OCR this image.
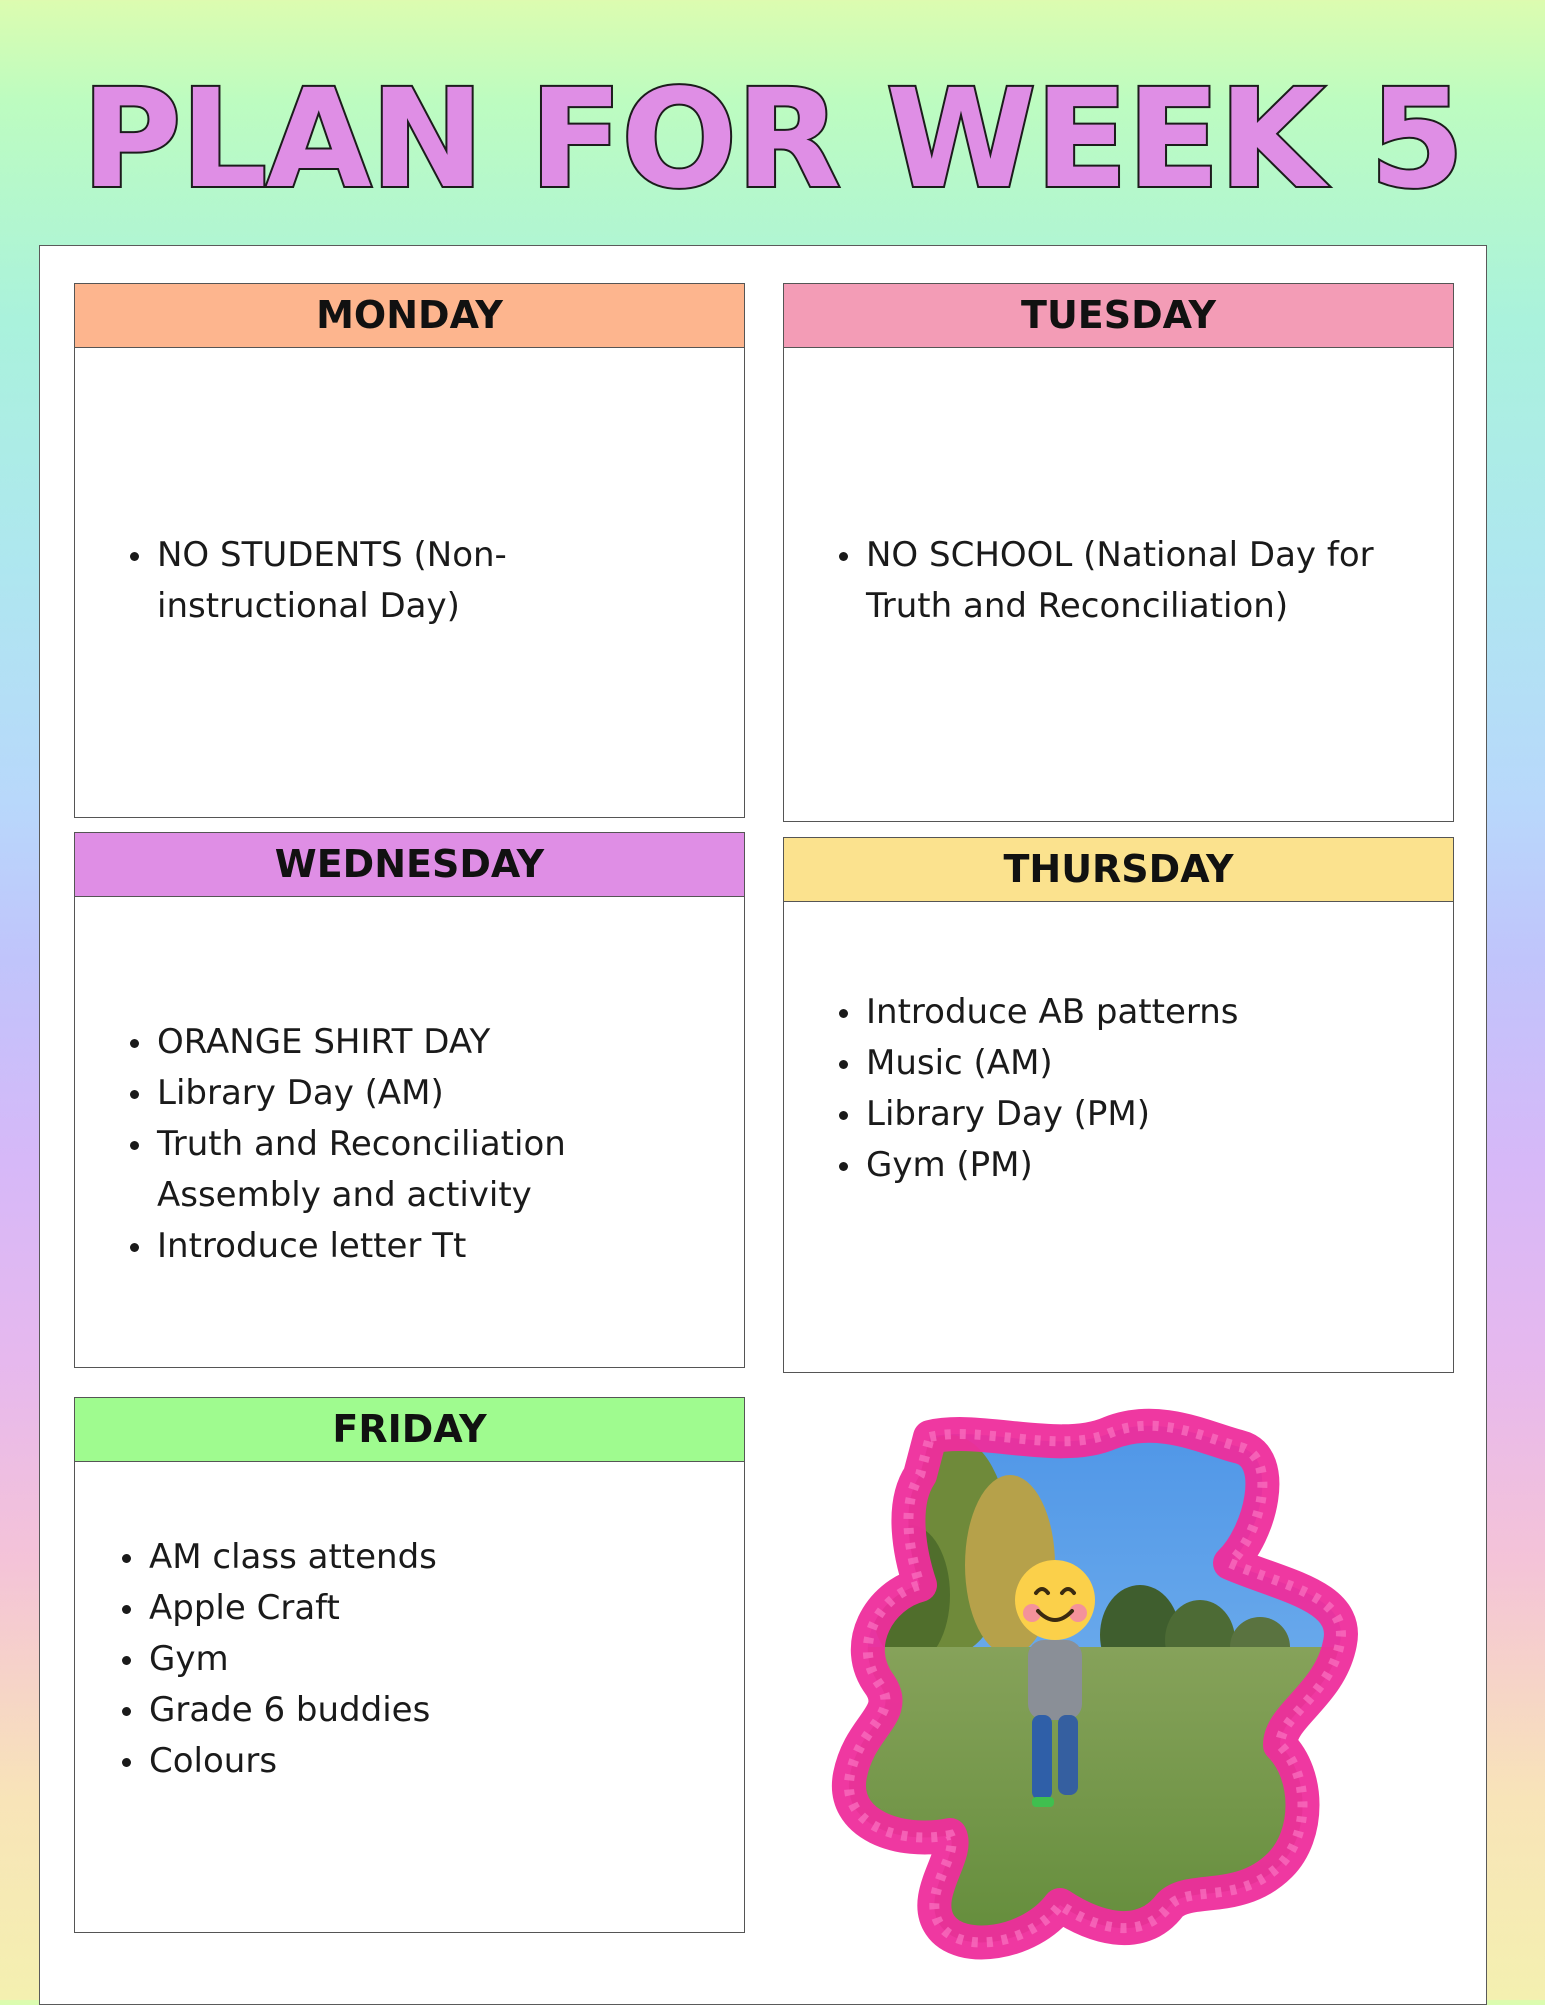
PLAN FOR WEEK 5
MONDAY
• NO STUDENTS (Non-instructional Day)
TUESDAY
• NO SCHOOL (National Day for Truth and Reconciliation)
WEDNESDAY
• ORANGE SHIRT DAY
• Library Day (AM)
• Truth and Reconciliation Assembly and activity
• Introduce letter Tt
THURSDAY
• Introduce AB patterns
• Music (AM)
• Library Day (PM)
• Gym (PM)
FRIDAY
• AM class attends
• Apple Craft
• Gym
• Grade 6 buddies
• Colours
